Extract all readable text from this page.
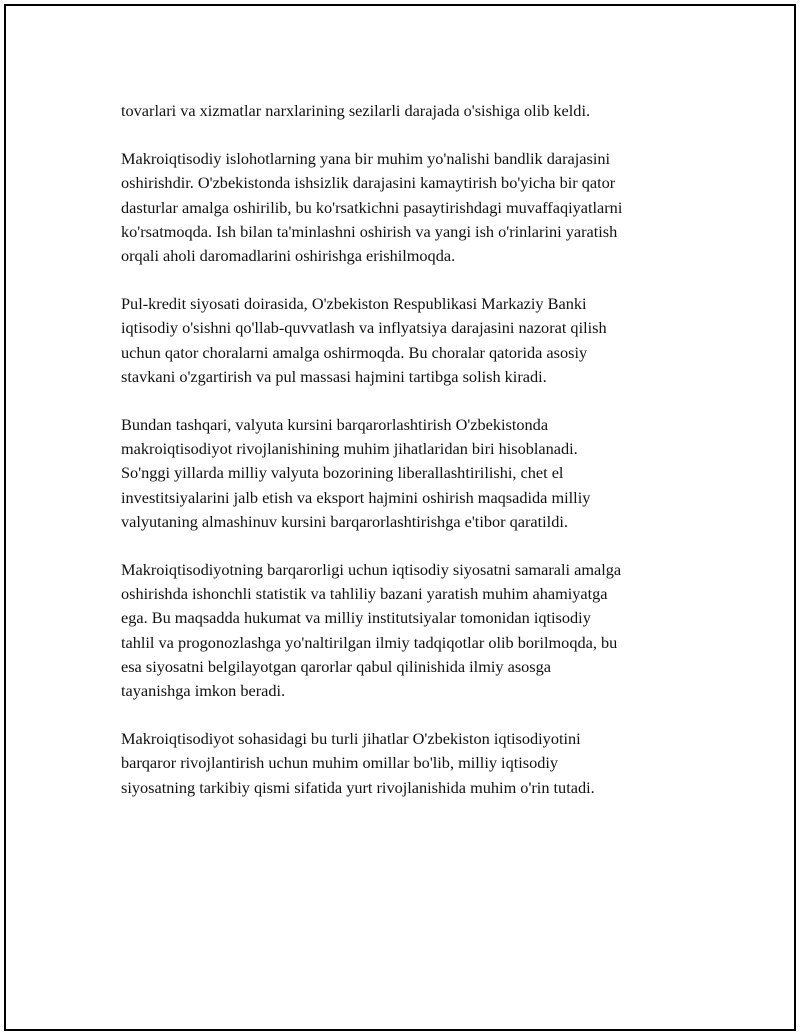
tovarlari va xizmatlar narxlarining sezilarli darajada o'sishiga olib keldi.

Makroiqtisodiy islohotlarning yana bir muhim yo'nalishi bandlik darajasini
oshirishdir. O'zbekistonda ishsizlik darajasini kamaytirish bo'yicha bir qator
dasturlar amalga oshirilib, bu ko'rsatkichni pasaytirishdagi muvaffaqiyatlarni
ko'rsatmoqda. Ish bilan ta'minlashni oshirish va yangi ish o'rinlarini yaratish
orqali aholi daromadlarini oshirishga erishilmoqda.

Pul-kredit siyosati doirasida, O'zbekiston Respublikasi Markaziy Banki
iqtisodiy o'sishni qo'llab-quvvatlash va inflyatsiya darajasini nazorat qilish
uchun qator choralarni amalga oshirmoqda. Bu choralar qatorida asosiy
stavkani o'zgartirish va pul massasi hajmini tartibga solish kiradi.

Bundan tashqari, valyuta kursini barqarorlashtirish O'zbekistonda
makroiqtisodiyot rivojlanishining muhim jihatlaridan biri hisoblanadi.
So'nggi yillarda milliy valyuta bozorining liberallashtirilishi, chet el
investitsiyalarini jalb etish va eksport hajmini oshirish maqsadida milliy
valyutaning almashinuv kursini barqarorlashtirishga e'tibor qaratildi.

Makroiqtisodiyotning barqarorligi uchun iqtisodiy siyosatni samarali amalga
oshirishda ishonchli statistik va tahliliy bazani yaratish muhim ahamiyatga
ega. Bu maqsadda hukumat va milliy institutsiyalar tomonidan iqtisodiy
tahlil va progonozlashga yo'naltirilgan ilmiy tadqiqotlar olib borilmoqda, bu
esa siyosatni belgilayotgan qarorlar qabul qilinishida ilmiy asosga
tayanishga imkon beradi.

Makroiqtisodiyot sohasidagi bu turli jihatlar O'zbekiston iqtisodiyotini
barqaror rivojlantirish uchun muhim omillar bo'lib, milliy iqtisodiy
siyosatning tarkibiy qismi sifatida yurt rivojlanishida muhim o'rin tutadi.
